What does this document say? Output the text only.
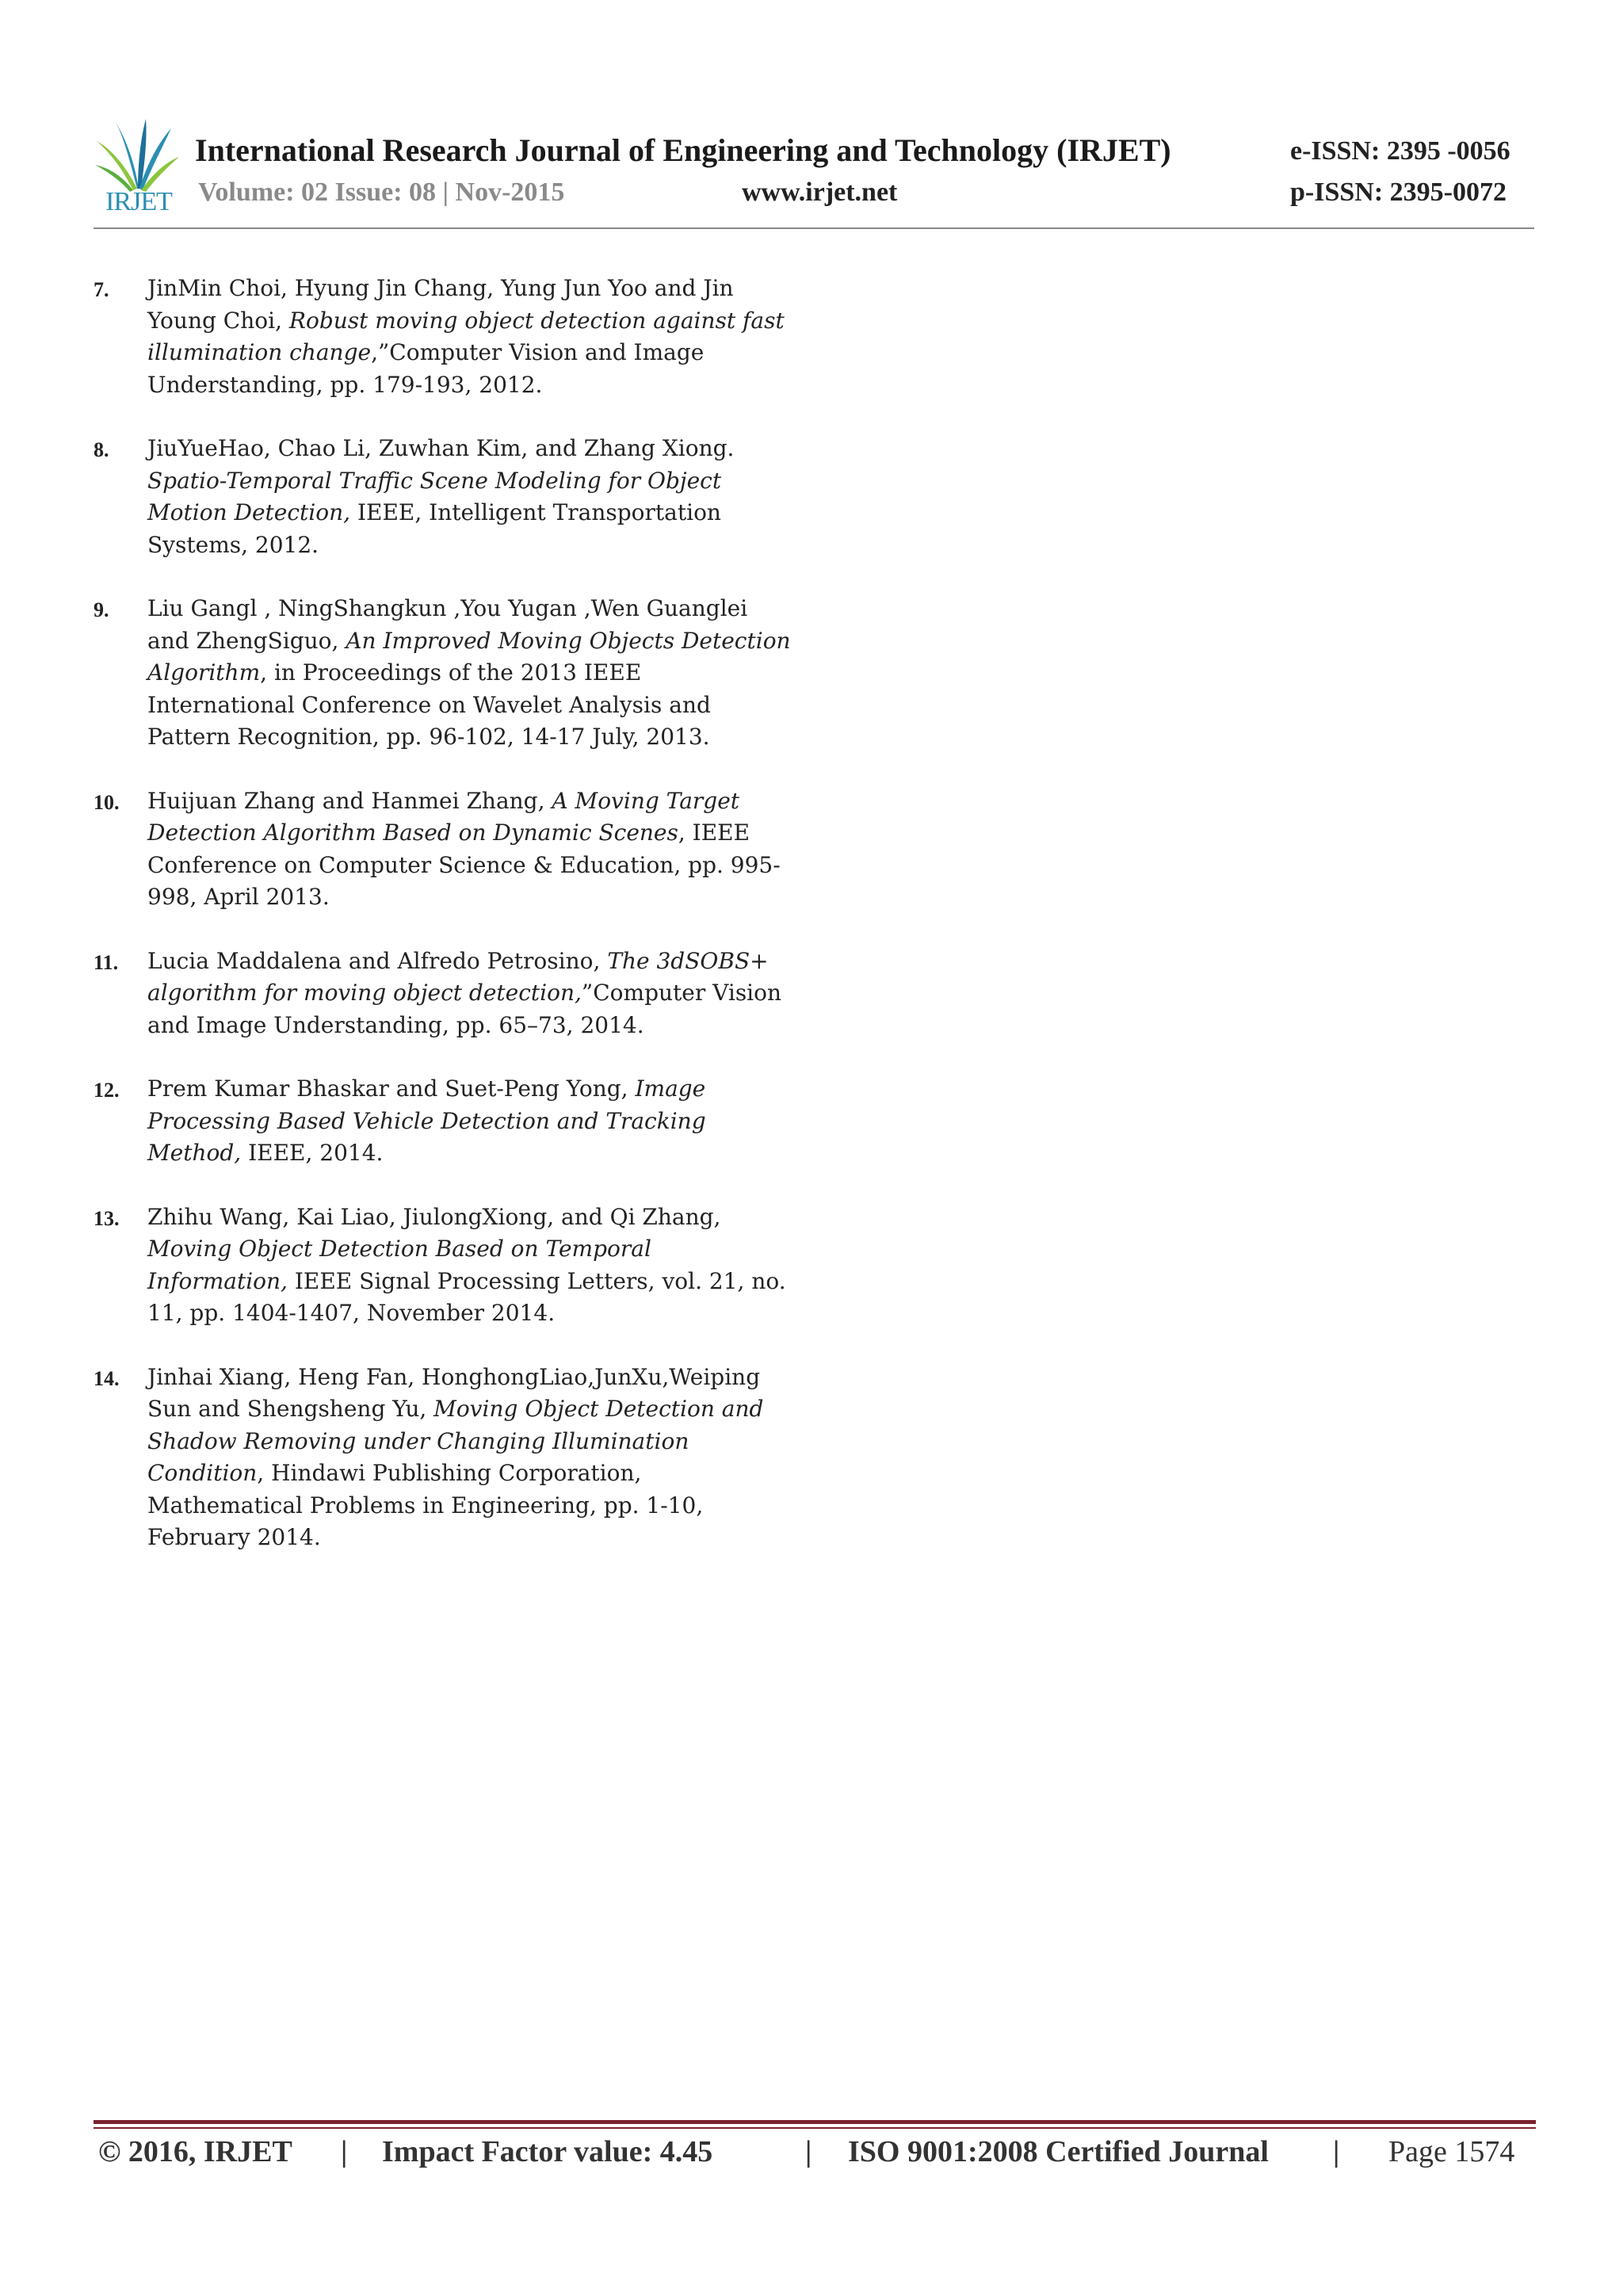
IRJET
International Research Journal of Engineering and Technology (IRJET)
Volume: 02 Issue: 08 | Nov-2015	www.irjet.net
e-ISSN: 2395 -0056
p-ISSN: 2395-0072
7.	JinMin Choi, Hyung Jin Chang, Yung Jun Yoo and Jin Young Choi, Robust moving object detection against fast illumination change,”Computer Vision and Image Understanding, pp. 179-193, 2012.
8.	JiuYueHao, Chao Li, Zuwhan Kim, and Zhang Xiong. Spatio-Temporal Traffic Scene Modeling for Object Motion Detection, IEEE, Intelligent Transportation Systems, 2012.
9.	Liu Gangl , NingShangkun ,You Yugan ,Wen Guanglei and ZhengSiguo, An Improved Moving Objects Detection Algorithm, in Proceedings of the 2013 IEEE International Conference on Wavelet Analysis and Pattern Recognition, pp. 96-102, 14-17 July, 2013.
10.	Huijuan Zhang and Hanmei Zhang, A Moving Target Detection Algorithm Based on Dynamic Scenes, IEEE Conference on Computer Science & Education, pp. 995-998, April 2013.
11.	Lucia Maddalena and Alfredo Petrosino, The 3dSOBS+ algorithm for moving object detection,”Computer Vision and Image Understanding, pp. 65–73, 2014.
12.	Prem Kumar Bhaskar and Suet-Peng Yong, Image Processing Based Vehicle Detection and Tracking Method, IEEE, 2014.
13.	Zhihu Wang, Kai Liao, JiulongXiong, and Qi Zhang, Moving Object Detection Based on Temporal Information, IEEE Signal Processing Letters, vol. 21, no. 11, pp. 1404-1407, November 2014.
14.	Jinhai Xiang, Heng Fan, HonghongLiao,JunXu,Weiping Sun and Shengsheng Yu, Moving Object Detection and Shadow Removing under Changing Illumination Condition, Hindawi Publishing Corporation, Mathematical Problems in Engineering, pp. 1-10, February 2014.
© 2016, IRJET | Impact Factor value: 4.45	| ISO 9001:2008 Certified Journal | Page 1574
